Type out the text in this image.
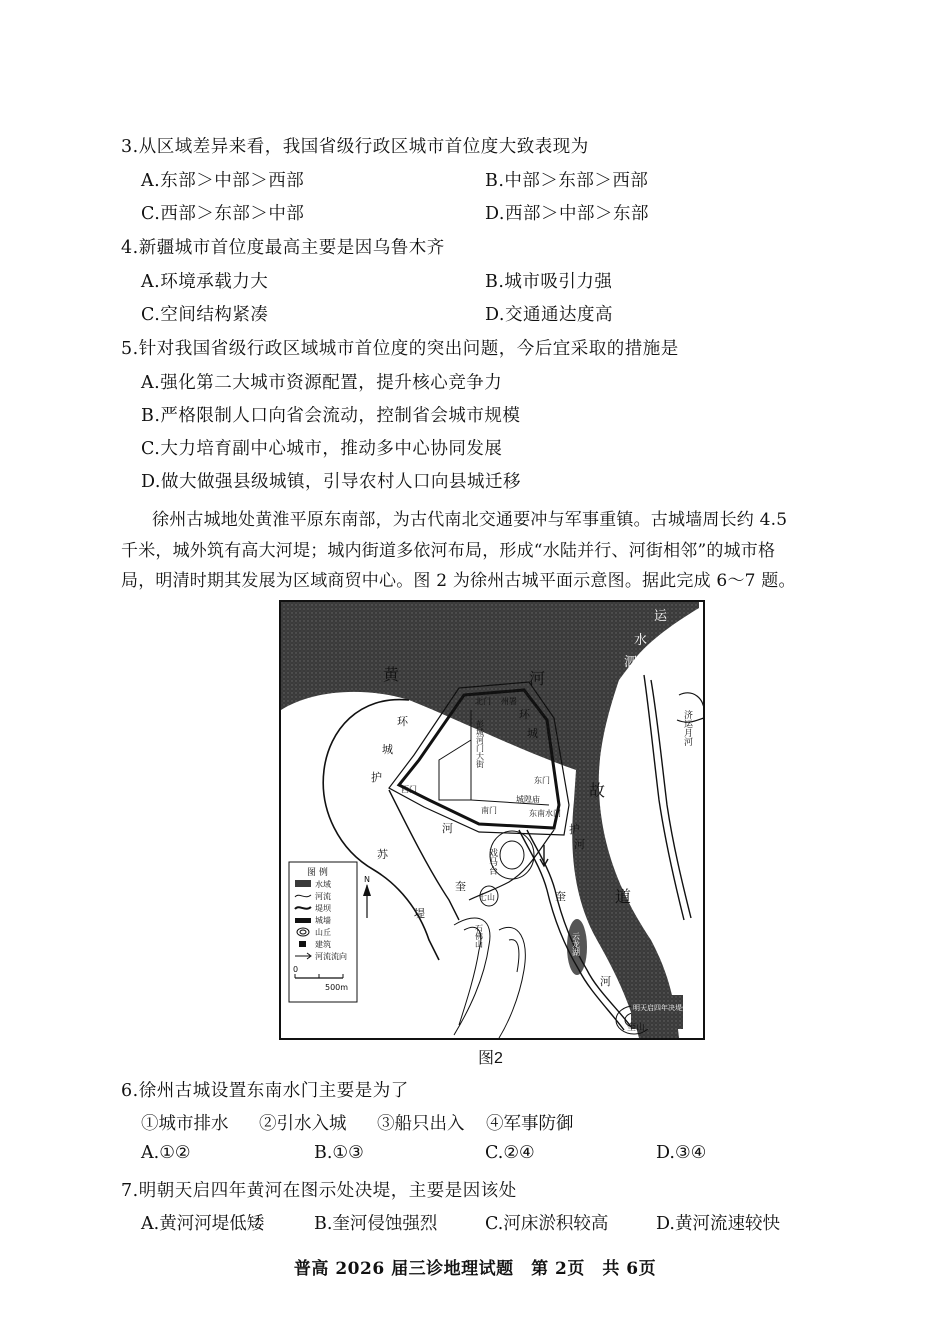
3.从区域差异来看，我国省级行政区城市首位度大致表现为
A.东部＞中部＞西部	B.中部＞东部＞西部
C.西部＞东部＞中部	D.西部＞中部＞东部
4.新疆城市首位度最高主要是因乌鲁木齐
A.环境承载力大	B.城市吸引力强
C.空间结构紧凑	D.交通通达度高
5.针对我国省级行政区域城市首位度的突出问题，今后宜采取的措施是
A.强化第二大城市资源配置，提升核心竞争力
B.严格限制人口向省会流动，控制省会城市规模
C.大力培育副中心城市，推动多中心协同发展
D.做大做强县级城镇，引导农村人口向县城迁移
徐州古城地处黄淮平原东南部，为古代南北交通要冲与军事重镇。古城墙周长约 4.5
千米，城外筑有高大河堤；城内街道多依河布局，形成“水陆并行、河街相邻”的城市格
局，明清时期其发展为区域商贸中心。图 2 为徐州古城平面示意图。据此完成 6～7 题。
黄	河
故
道
运
水
泗
济运月河
环
城
护
环
城
护
苏
堤
河
奎
奎
河
河
北门 州署
西门
东门
南门
城隍庙
东南水门
彭城河门大街
戏马台
七山
石佛山	云龙湖
奎山
明天启四年决堤处
N
图 例
水域
河流
堤坝
城墙
山丘
建筑
河流流向
0
500m
图2
6.徐州古城设置东南水门主要是为了
①城市排水 ②引水入城 ③船只出入 ④军事防御
A.①②	B.①③	C.②④	D.③④
7.明朝天启四年黄河在图示处决堤，主要是因该处
A.黄河河堤低矮	B.奎河侵蚀强烈	C.河床淤积较高	D.黄河流速较快
普高 2026 届三诊地理试题　第 2页　共 6页
